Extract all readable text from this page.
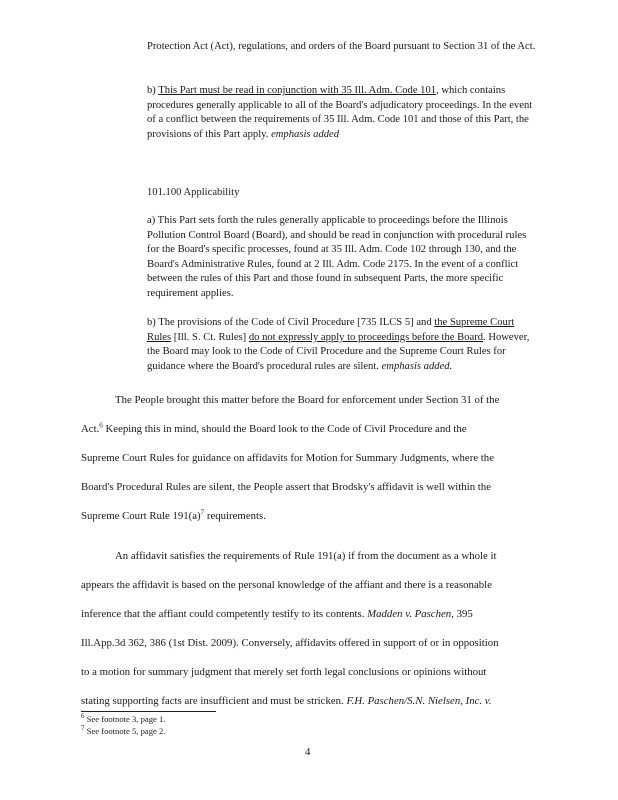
Protection Act (Act), regulations, and orders of the Board pursuant to Section 31 of the Act.

b) This Part must be read in conjunction with 35 Ill. Adm. Code 101, which contains procedures generally applicable to all of the Board's adjudicatory proceedings. In the event of a conflict between the requirements of 35 Ill. Adm. Code 101 and those of this Part, the provisions of this Part apply. emphasis added

101.100 Applicability

a) This Part sets forth the rules generally applicable to proceedings before the Illinois Pollution Control Board (Board), and should be read in conjunction with procedural rules for the Board's specific processes, found at 35 Ill. Adm. Code 102 through 130, and the Board's Administrative Rules, found at 2 Ill. Adm. Code 2175. In the event of a conflict between the rules of this Part and those found in subsequent Parts, the more specific requirement applies.

b) The provisions of the Code of Civil Procedure [735 ILCS 5] and the Supreme Court Rules [Ill. S. Ct. Rules] do not expressly apply to proceedings before the Board. However, the Board may look to the Code of Civil Procedure and the Supreme Court Rules for guidance where the Board's procedural rules are silent. emphasis added.

The People brought this matter before the Board for enforcement under Section 31 of the

Act.$^6$ Keeping this in mind, should the Board look to the Code of Civil Procedure and the

Supreme Court Rules for guidance on affidavits for Motion for Summary Judgments, where the

Board's Procedural Rules are silent, the People assert that Brodsky's affidavit is well within the

Supreme Court Rule $191(a)^7$ requirements.

An affidavit satisfies the requirements of Rule 191(a) if from the document as a whole it

appears the affidavit is based on the personal knowledge of the affiant and there is a reasonable

inference that the affiant could competently testify to its contents. Madden v. Paschen, 395

Ill.App.3d 362, 386 (1st Dist. 2009). Conversely, affidavits offered in support of or in opposition

to a motion for summary judgment that merely set forth legal conclusions or opinions without

stating supporting facts are insufficient and must be stricken. F.H. Paschen/S.N. Nielsen, Inc. v.

$^6$ See footnote 3, page 1.

$^7$ See footnote 5, page 2.

4
